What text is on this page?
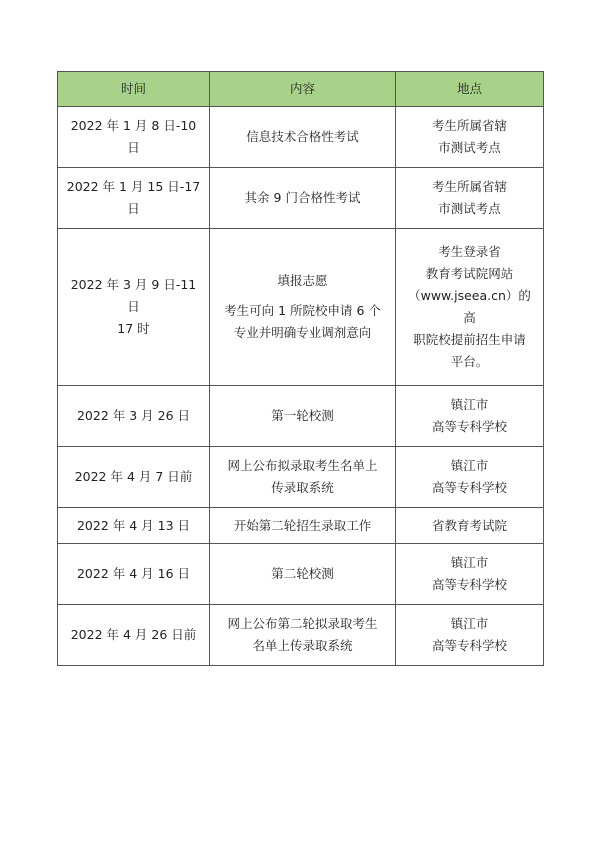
时间	内容	地点

2022 年 1 月 8 日-10 日	信息技术合格性考试	考生所属省辖
市测试考点

2022 年 1 月 15 日-17 日	其余 9 门合格性考试	考生所属省辖
市测试考点

2022 年 3 月 9 日-11 日
17 时	填报志愿
考生可向 1 所院校申请 6 个
专业并明确专业调剂意向	考生登录省
教育考试院网站
（www.jseea.cn）的高
职院校提前招生申请
平台。

2022 年 3 月 26 日	第一轮校测	镇江市
高等专科学校

2022 年 4 月 7 日前	网上公布拟录取考生名单上
传录取系统	镇江市
高等专科学校

2022 年 4 月 13 日	开始第二轮招生录取工作	省教育考试院

2022 年 4 月 16 日	第二轮校测	镇江市
高等专科学校

2022 年 4 月 26 日前	网上公布第二轮拟录取考生
名单上传录取系统	镇江市
高等专科学校
